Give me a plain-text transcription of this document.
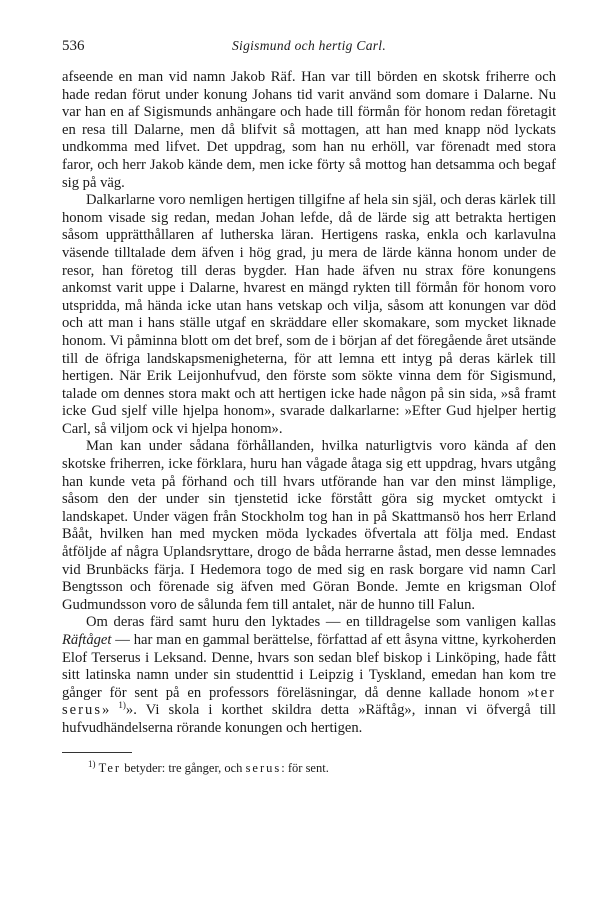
536	Sigismund och hertig Carl.

afseende en man vid namn Jakob Räf. Han var till börden en skotsk friherre och hade redan förut under konung Johans tid varit använd som domare i Dalarne. Nu var han en af Sigismunds anhängare och hade till förmån för honom redan företagit en resa till Dalarne, men då blifvit så mottagen, att han med knapp nöd lyckats undkomma med lifvet. Det uppdrag, som han nu erhöll, var förenadt med stora faror, och herr Jakob kände dem, men icke förty så mottog han detsamma och begaf sig på väg.

Dalkarlarne voro nemligen hertigen tillgifne af hela sin själ, och deras kärlek till honom visade sig redan, medan Johan lefde, då de lärde sig att betrakta hertigen såsom upprätthållaren af lutherska läran. Hertigens raska, enkla och karlavulna väsende tilltalade dem äfven i hög grad, ju mera de lärde känna honom under de resor, han företog till deras bygder. Han hade äfven nu strax före konungens ankomst varit uppe i Dalarne, hvarest en mängd rykten till förmån för honom voro utspridda, må hända icke utan hans vetskap och vilja, såsom att konungen var död och att man i hans ställe utgaf en skräddare eller skomakare, som mycket liknade honom. Vi påminna blott om det bref, som de i början af det föregående året utsände till de öfriga landskapsmenigheterna, för att lemna ett intyg på deras kärlek till hertigen. När Erik Leijonhufvud, den förste som sökte vinna dem för Sigismund, talade om dennes stora makt och att hertigen icke hade någon på sin sida, »så framt icke Gud sjelf ville hjelpa honom», svarade dalkarlarne: »Efter Gud hjelper hertig Carl, så viljom ock vi hjelpa honom».

Man kan under sådana förhållanden, hvilka naturligtvis voro kända af den skotske friherren, icke förklara, huru han vågade åtaga sig ett uppdrag, hvars utgång han kunde veta på förhand och till hvars utförande han var den minst lämplige, såsom den der under sin tjenstetid icke förstått göra sig mycket omtyckt i landskapet. Under vägen från Stockholm tog han in på Skattmansö hos herr Erland Bååt, hvilken han med mycken möda lyckades öfvertala att följa med. Endast åtföljde af några Uplandsryttare, drogo de båda herrarne åstad, men desse lemnades vid Brunbäcks färja. I Hedemora togo de med sig en rask borgare vid namn Carl Bengtsson och förenade sig äfven med Göran Bonde. Jemte en krigsman Olof Gudmundsson voro de sålunda fem till antalet, när de hunno till Falun.

Om deras färd samt huru den lyktades — en tilldragelse som vanligen kallas Räftåget — har man en gammal berättelse, författad af ett åsyna vittne, kyrkoherden Elof Terserus i Leksand. Denne, hvars son sedan blef biskop i Linköping, hade fått sitt latinska namn under sin studenttid i Leipzig i Tyskland, emedan han kom tre gånger för sent på en professors föreläsningar, då denne kallade honom »ter serus» $^{1)}$». Vi skola i korthet skildra detta »Räftåg», innan vi öfvergå till hufvudhändelserna rörande konungen och hertigen.

$^{1)}$ Ter betyder: tre gånger, och serus: för sent.
